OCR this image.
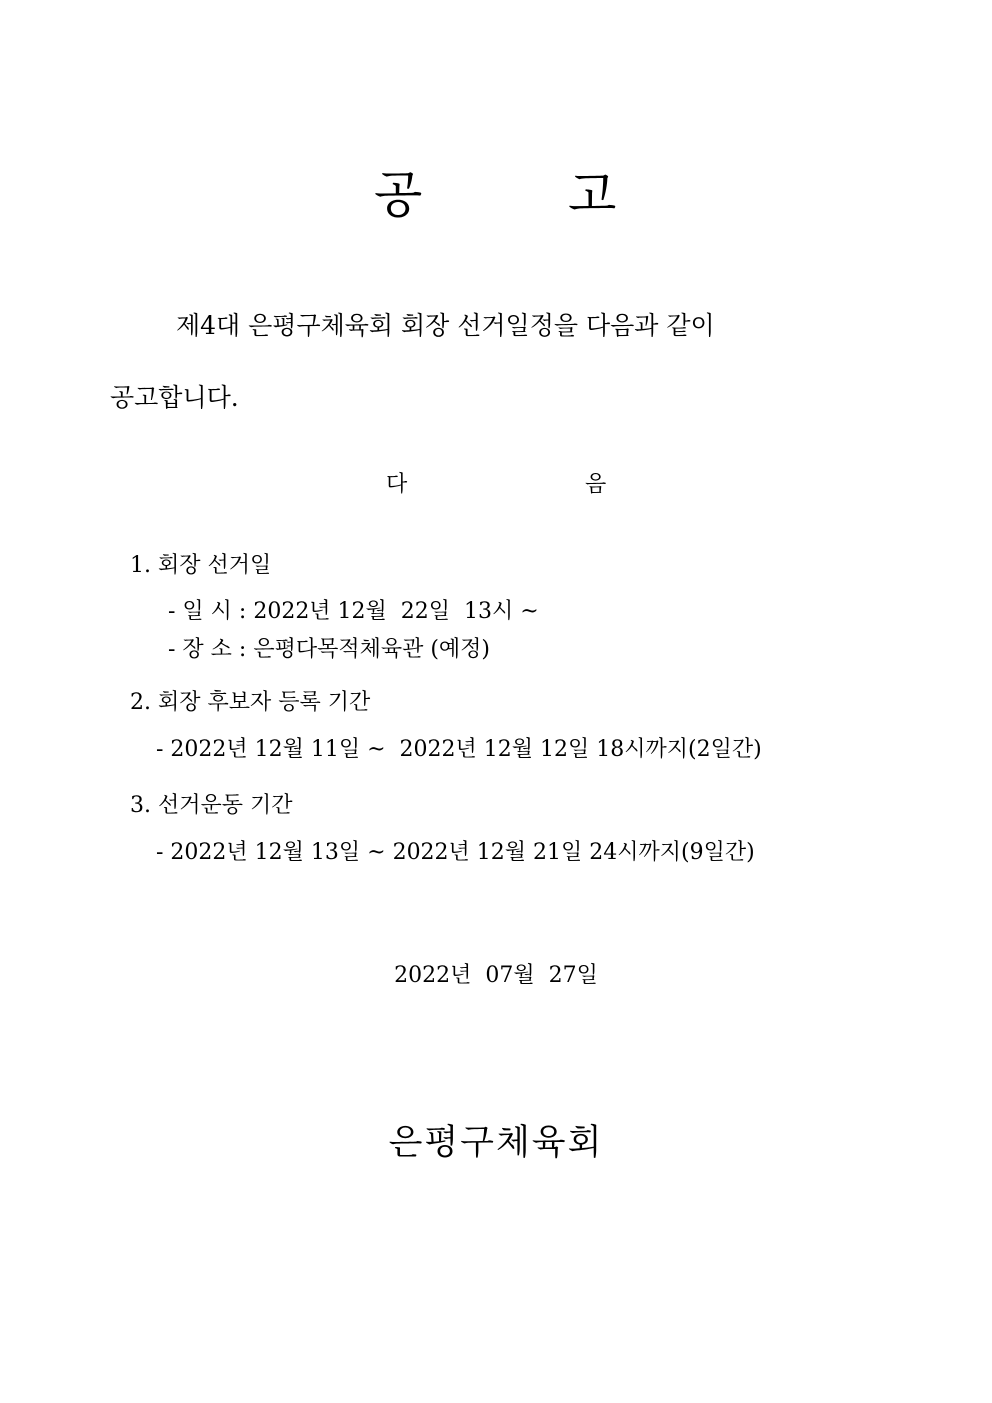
공	고
제4대 은평구체육회 회장 선거일정을 다음과 같이
공고합니다.
다	음
1. 회장 선거일
- 일 시 : 2022년 12월  22일  13시 ~
- 장 소 : 은평다목적체육관 (예정)
2. 회장 후보자 등록 기간
- 2022년 12월 11일 ~  2022년 12월 12일 18시까지(2일간)
3. 선거운동 기간
- 2022년 12월 13일 ~ 2022년 12월 21일 24시까지(9일간)
2022년  07월  27일
은평구체육회
